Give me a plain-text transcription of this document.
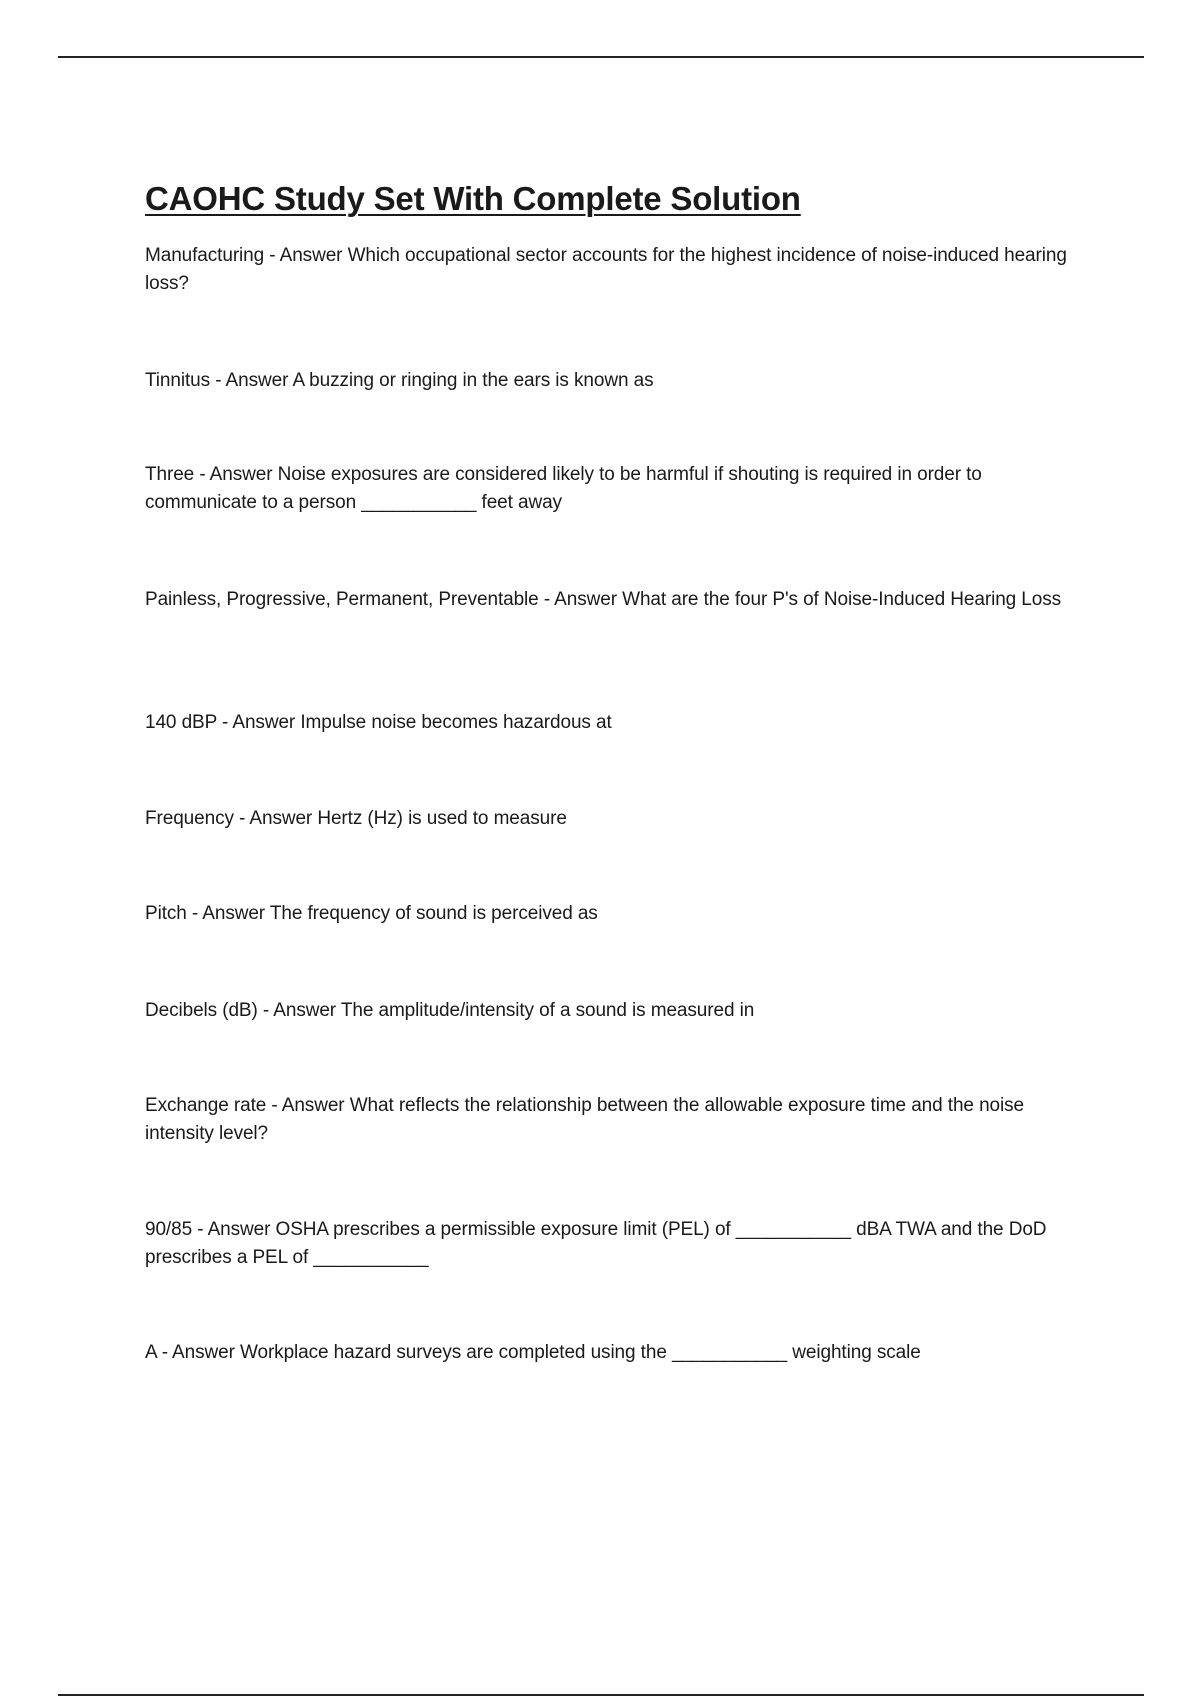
CAOHC Study Set With Complete Solution

Manufacturing - Answer Which occupational sector accounts for the highest incidence of noise-induced hearing loss?

Tinnitus - Answer A buzzing or ringing in the ears is known as

Three - Answer Noise exposures are considered likely to be harmful if shouting is required in order to communicate to a person ___________ feet away

Painless, Progressive, Permanent, Preventable - Answer What are the four P's of Noise-Induced Hearing Loss

140 dBP - Answer Impulse noise becomes hazardous at

Frequency - Answer Hertz (Hz) is used to measure

Pitch - Answer The frequency of sound is perceived as

Decibels (dB) - Answer The amplitude/intensity of a sound is measured in

Exchange rate - Answer What reflects the relationship between the allowable exposure time and the noise intensity level?

90/85 - Answer OSHA prescribes a permissible exposure limit (PEL) of ___________ dBA TWA and the DoD prescribes a PEL of ___________

A - Answer Workplace hazard surveys are completed using the ___________ weighting scale
